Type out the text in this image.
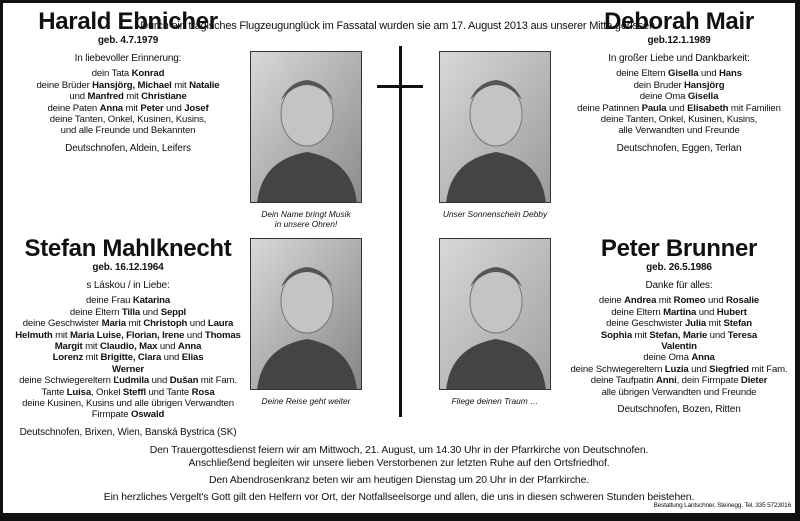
Durch ein tragisches Flugzeugunglück im Fassatal wurden sie am 17. August 2013 aus unserer Mitte gerissen.
Harald Ebnicher
geb. 4.7.1979
In liebevoller Erinnerung:
dein Tata Konrad
deine Brüder Hansjörg, Michael mit Natalie
und Manfred mit Christiane
deine Paten Anna mit Peter und Josef
deine Tanten, Onkel, Kusinen, Kusins,
und alle Freunde und Bekannten
Deutschnofen, Aldein, Leifers
Deborah Mair
geb.12.1.1989
In großer Liebe und Dankbarkeit:
deine Eltern Gisella und Hans
dein Bruder Hansjörg
deine Oma Gisella
deine Patinnen Paula und Elisabeth mit Familien
deine Tanten, Onkel, Kusinen, Kusins,
alle Verwandten und Freunde
Deutschnofen, Eggen, Terlan
Stefan Mahlknecht
geb. 16.12.1964
s Láskou / in Liebe:
deine Frau Katarina
deine Eltern Tilla und Seppl
deine Geschwister Maria mit Christoph und Laura
Helmuth mit Maria Luise, Florian, Irene und Thomas
Margit mit Claudio, Max und Anna
Lorenz mit Brigitte, Clara und Elias
Werner
deine Schwiegereltern Ľudmila und Dušan mit Fam.
Tante Luisa, Onkel Steffl und Tante Rosa
deine Kusinen, Kusins und alle übrigen Verwandten
Firmpate Oswald
Deutschnofen, Brixen, Wien, Banská Bystrica (SK)
Peter Brunner
geb. 26.5.1986
Danke für alles:
deine Andrea mit Romeo und Rosalie
deine Eltern Martina und Hubert
deine Geschwister Julia mit Stefan
Sophia mit Stefan, Marie und Teresa
Valentin
deine Oma Anna
deine Schwiegereltern Luzia und Siegfried mit Fam.
deine Taufpatin Anni, dein Firmpate Dieter
alle übrigen Verwandten und Freunde
Deutschnofen, Bozen, Ritten
Dein Name bringt Musik
in unsere Ohren!
Unser Sonnenschein Debby
Deine Reise geht weiter	Fliege deinen Traum …
Den Trauergottesdienst feiern wir am Mittwoch, 21. August, um 14.30 Uhr in der Pfarrkirche von Deutschnofen.
Anschließend begleiten wir unsere lieben Verstorbenen zur letzten Ruhe auf den Ortsfriedhof.
Den Abendrosenkranz beten wir am heutigen Dienstag um 20 Uhr in der Pfarrkirche.
Ein herzliches Vergelt's Gott gilt den Helfern vor Ort, der Notfallseelsorge und allen, die uns in diesen schweren Stunden beistehen.
Bestattung Lantschner, Steinegg, Tel. 335 5723016
